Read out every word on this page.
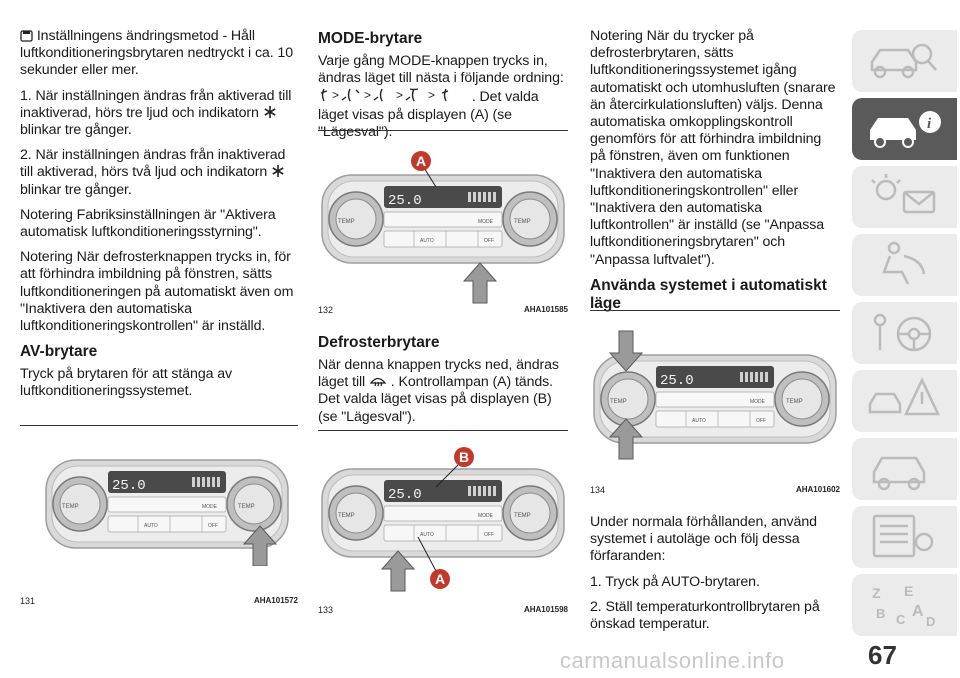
Inställningens ändringsmetod - Håll luftkonditioneringsbrytaren nedtryckt i ca. 10 sekunder eller mer.

1. När inställningen ändras från aktiverad till inaktiverad, hörs tre ljud och indikatorn  blinkar tre gånger.

2. När inställningen ändras från inaktiverad till aktiverad, hörs två ljud och indikatorn  blinkar tre gånger.

Notering Fabriksinställningen är "Aktivera automatisk luftkonditioneringsstyrning".

Notering När defrosterknappen trycks in, för att förhindra imbildning på fönstren, sätts luftkonditioneringen på automatiskt även om "Inaktivera den automatiska luftkonditioneringskontrollen" är inställd.

AV-brytare

Tryck på brytaren för att stänga av luftkonditioneringssystemet.

TEMP	TEMP
25.0
MODE
AUTO	OFF
131	AHA101572
MODE-brytare

Varje gång MODE-knappen trycks in, ändras läget till nästa i följande ordning:
> > > >	. Det valda läget visas på displayen (A) (se "Lägesval").

TEMP	TEMP
25.0
MODE
AUTO	OFF
A
132	AHA101585
Defrosterbrytare

När denna knappen trycks ned, ändras läget till . Kontrollampan (A) tänds. Det valda läget visas på displayen (B) (se "Lägesval").

TEMP	TEMP
25.0
MODE
AUTO	OFF
B
A
133	AHA101598

Notering När du trycker på defrosterbrytaren, sätts luftkonditioneringssystemet igång automatiskt och utomhusluften (snarare än återcirkulationsluften) väljs. Denna automatiska omkopplingskontroll genomförs för att förhindra imbildning på fönstren, även om funktionen "Inaktivera den automatiska luftkonditioneringskontrollen" eller "Inaktivera den automatiska luftkontrollen" är inställd (se "Anpassa luftkonditioneringsbrytaren" och "Anpassa luftvalet").

Använda systemet i automatiskt läge
TEMP	TEMP
25.0
MODE
AUTO	OFF
134	AHA101602

Under normala förhållanden, använd systemet i autoläge och följ dessa förfaranden:

1. Tryck på AUTO-brytaren.

2. Ställ temperaturkontrollbrytaren på önskad temperatur.

i
Z E
B C A
D
67
carmanualsonline.info
